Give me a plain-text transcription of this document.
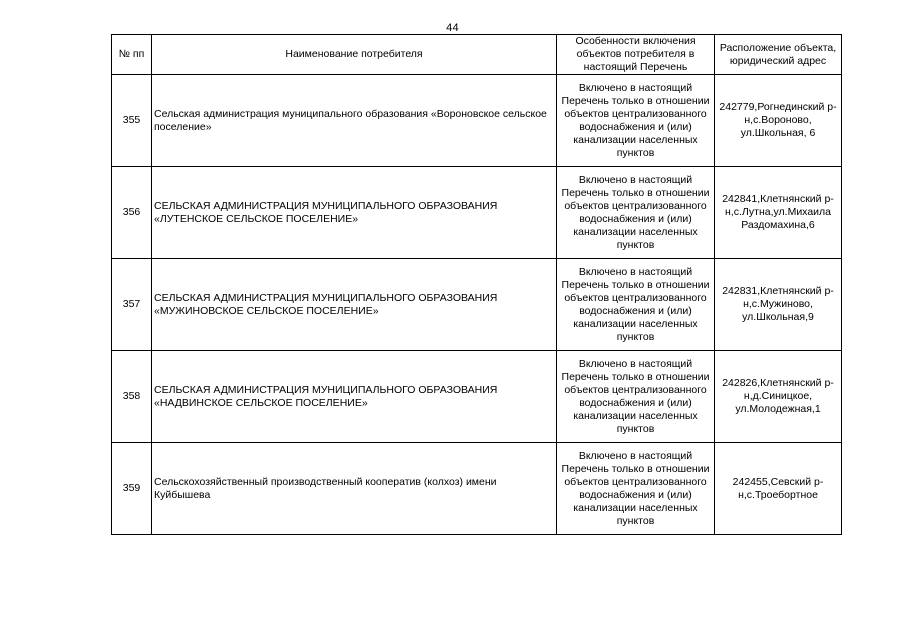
44
№ пп	Наименование потребителя	Особенности включения объектов потребителя в настоящий Перечень	Расположение объекта, юридический адрес
355	Сельская администрация муниципального образования «Вороновское сельское поселение»	Включено в настоящий Перечень только в отношении объектов централизованного водоснабжения и (или) канализации населенных пунктов	242779,Рогнединский р-н,с.Вороново, ул.Школьная, 6
356	СЕЛЬСКАЯ АДМИНИСТРАЦИЯ МУНИЦИПАЛЬНОГО ОБРАЗОВАНИЯ «ЛУТЕНСКОЕ СЕЛЬСКОЕ ПОСЕЛЕНИЕ»	Включено в настоящий Перечень только в отношении объектов централизованного водоснабжения и (или) канализации населенных пунктов	242841,Клетнянский р-н,с.Лутна,ул.Михаила Раздомахина,6
357	СЕЛЬСКАЯ АДМИНИСТРАЦИЯ МУНИЦИПАЛЬНОГО ОБРАЗОВАНИЯ «МУЖИНОВСКОЕ СЕЛЬСКОЕ ПОСЕЛЕНИЕ»	Включено в настоящий Перечень только в отношении объектов централизованного водоснабжения и (или) канализации населенных пунктов	242831,Клетнянский р-н,с.Мужиново, ул.Школьная,9
358	СЕЛЬСКАЯ АДМИНИСТРАЦИЯ МУНИЦИПАЛЬНОГО ОБРАЗОВАНИЯ «НАДВИНСКОЕ СЕЛЬСКОЕ ПОСЕЛЕНИЕ»	Включено в настоящий Перечень только в отношении объектов централизованного водоснабжения и (или) канализации населенных пунктов	242826,Клетнянский р-н,д.Синицкое, ул.Молодежная,1
359	Сельскохозяйственный производственный кооператив (колхоз) имени Куйбышева	Включено в настоящий Перечень только в отношении объектов централизованного водоснабжения и (или) канализации населенных пунктов	242455,Севский р-н,с.Троебортное
